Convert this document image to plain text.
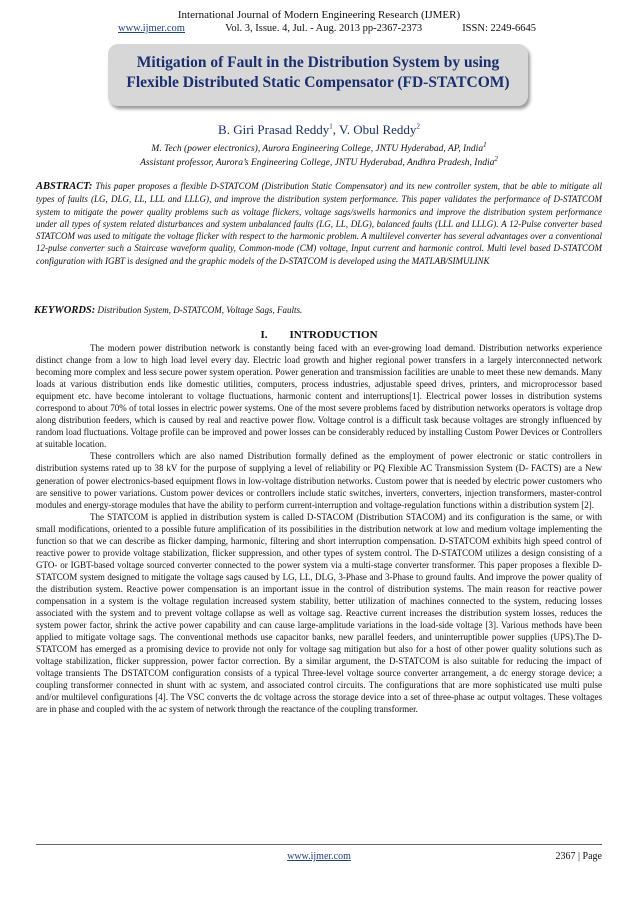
International Journal of Modern Engineering Research (IJMER)
www.ijmer.com	Vol. 3, Issue. 4, Jul. - Aug. 2013 pp-2367-2373	ISSN: 2249-6645
Mitigation of Fault in the Distribution System by using
Flexible Distributed Static Compensator (FD-STATCOM)
B. Giri Prasad Reddy$^1$, V. Obul Reddy$^2$
M. Tech (power electronics), Aurora Engineering College, JNTU Hyderabad, AP, India$^1$
Assistant professor, Aurora’s Engineering College, JNTU Hyderabad, Andhra Pradesh, India$^2$
ABSTRACT: This paper proposes a flexible D-STATCOM (Distribution Static Compensator) and its new controller system, that be able to mitigate all types of faults (LG, DLG, LL, LLL and LLLG), and improve the distribution system performance. This paper validates the performance of D-STATCOM system to mitigate the power quality problems such as voltage flickers, voltage sags/swells harmonics and improve the distribution system performance under all types of system related disturbances and system unbalanced faults (LG, LL, DLG), balanced faults (LLL and LLLG). A 12-Pulse converter based STATCOM was used to mitigate the voltage flicker with respect to the harmonic problem. A multilevel converter has several advantages over a conventional 12-pulse converter such a Staircase waveform quality, Common-mode (CM) voltage, Input current and harmonic control. Multi level based D-STATCOM configuration with IGBT is designed and the graphic models of the D-STATCOM is developed using the MATLAB/SIMULINK
KEYWORDS: Distribution System, D-STATCOM, Voltage Sags, Faults.
I. INTRODUCTION

The modern power distribution network is constantly being faced with an ever-growing load demand. Distribution networks experience distinct change from a low to high load level every day. Electric load growth and higher regional power transfers in a largely interconnected network becoming more complex and less secure power system operation. Power generation and transmission facilities are unable to meet these new demands. Many loads at various distribution ends like domestic utilities, computers, process industries, adjustable speed drives, printers, and microprocessor based equipment etc. have become intolerant to voltage fluctuations, harmonic content and interruptions[1]. Electrical power losses in distribution systems correspond to about 70% of total losses in electric power systems. One of the most severe problems faced by distribution networks operators is voltage drop along distribution feeders, which is caused by real and reactive power flow. Voltage control is a difficult task because voltages are strongly influenced by random load fluctuations. Voltage profile can be improved and power losses can be considerably reduced by installing Custom Power Devices or Controllers at suitable location.

These controllers which are also named Distribution formally defined as the employment of power electronic or static controllers in distribution systems rated up to 38 kV for the purpose of supplying a level of reliability or PQ Flexible AC Transmission System (D- FACTS) are a New generation of power electronics-based equipment flows in low-voltage distribution networks. Custom power that is needed by electric power customers who are sensitive to power variations. Custom power devices or controllers include static switches, inverters, converters, injection transformers, master-control modules and energy-storage modules that have the ability to perform current-interruption and voltage-regulation functions within a distribution system [2].

The STATCOM is applied in distribution system is called D-STACOM (Distribution STACOM) and its configuration is the same, or with small modifications, oriented to a possible future amplification of its possibilities in the distribution network at low and medium voltage implementing the function so that we can describe as flicker damping, harmonic, filtering and short interruption compensation. D-STATCOM exhibits high speed control of reactive power to provide voltage stabilization, flicker suppression, and other types of system control. The D-STATCOM utilizes a design consisting of a GTO- or IGBT-based voltage sourced converter connected to the power system via a multi-stage converter transformer. This paper proposes a flexible D-STATCOM system designed to mitigate the voltage sags caused by LG, LL, DLG, 3-Phase and 3-Phase to ground faults. And improve the power quality of the distribution system. Reactive power compensation is an important issue in the control of distribution systems. The main reason for reactive power compensation in a system is the voltage regulation increased system stability, better utilization of machines connected to the system, reducing losses associated with the system and to prevent voltage collapse as well as voltage sag. Reactive current increases the distribution system losses, reduces the system power factor, shrink the active power capability and can cause large-amplitude variations in the load-side voltage [3]. Various methods have been applied to mitigate voltage sags. The conventional methods use capacitor banks, new parallel feeders, and uninterruptible power supplies (UPS).The D-STATCOM has emerged as a promising device to provide not only for voltage sag mitigation but also for a host of other power quality solutions such as voltage stabilization, flicker suppression, power factor correction. By a similar argument, the D-STATCOM is also suitable for reducing the impact of voltage transients The DSTATCOM configuration consists of a typical Three-level voltage source converter arrangement, a dc energy storage device; a coupling transformer connected in shunt with ac system, and associated control circuits. The configurations that are more sophisticated use multi pulse and/or multilevel configurations [4]. The VSC converts the dc voltage across the storage device into a set of three-phase ac output voltages. These voltages are in phase and coupled with the ac system of network through the reactance of the coupling transformer.

www.ijmer.com	2367 | Page
